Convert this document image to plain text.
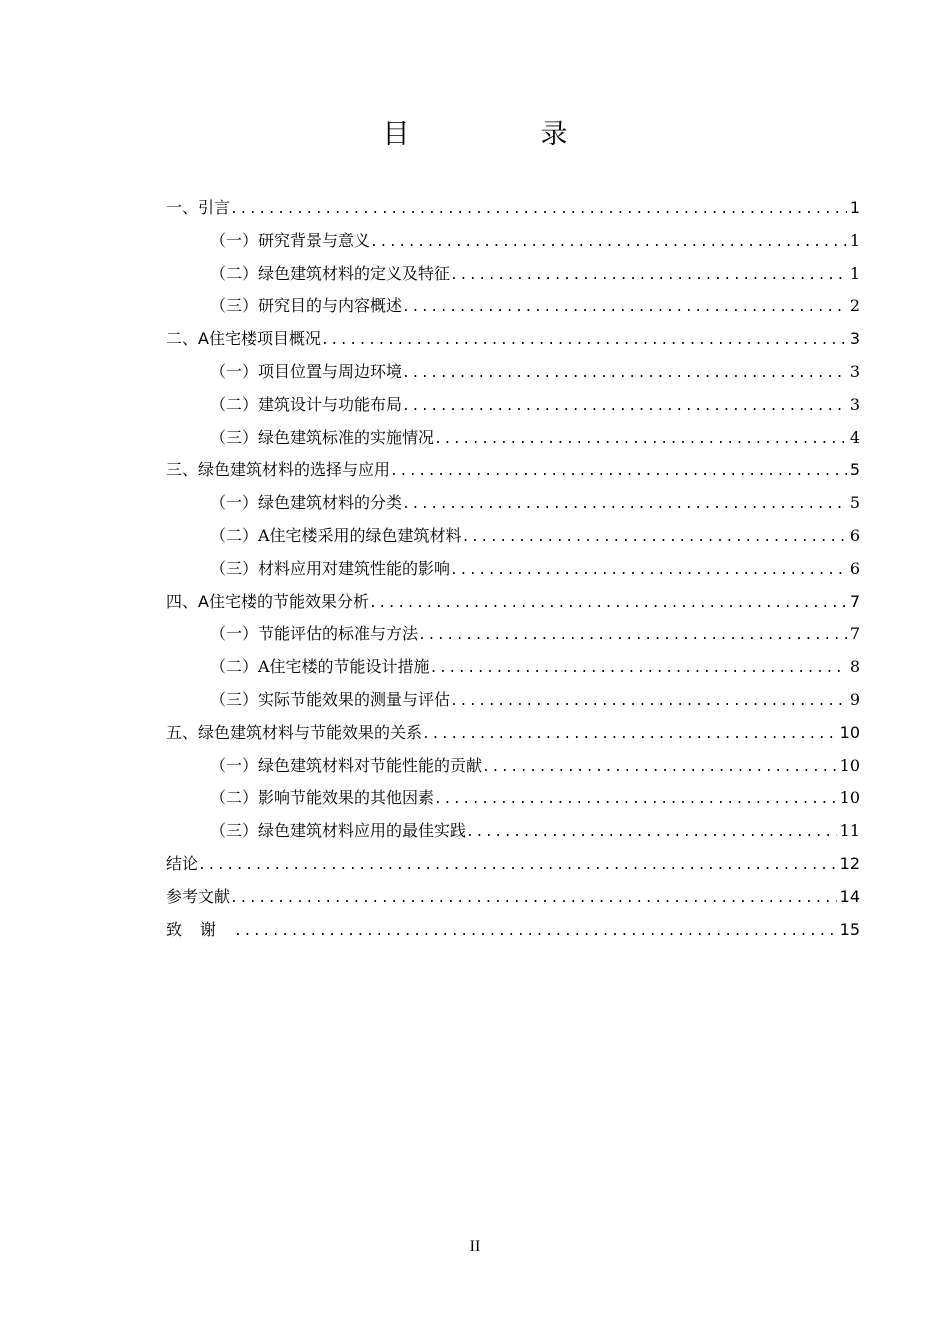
目　录
一、引言 .....	1
（一）研究背景与意义 .....	1
（二）绿色建筑材料的定义及特征 .....	1
（三）研究目的与内容概述 .....	2
二、A住宅楼项目概况 .....	3
（一）项目位置与周边环境 .....	3
（二）建筑设计与功能布局 .....	3
（三）绿色建筑标准的实施情况 .....	4
三、绿色建筑材料的选择与应用 .....	5
（一）绿色建筑材料的分类 .....	5
（二）A住宅楼采用的绿色建筑材料 .....	6
（三）材料应用对建筑性能的影响 .....	6
四、A住宅楼的节能效果分析 .....	7
（一）节能评估的标准与方法 .....	7
（二）A住宅楼的节能设计措施 .....	8
（三）实际节能效果的测量与评估 .....	9
五、绿色建筑材料与节能效果的关系 .....	10
（一）绿色建筑材料对节能性能的贡献 .....	10
（二）影响节能效果的其他因素 .....	10
（三）绿色建筑材料应用的最佳实践 .....	11
结论 .....	12
参考文献 .....	14
致谢 .....	15
II
